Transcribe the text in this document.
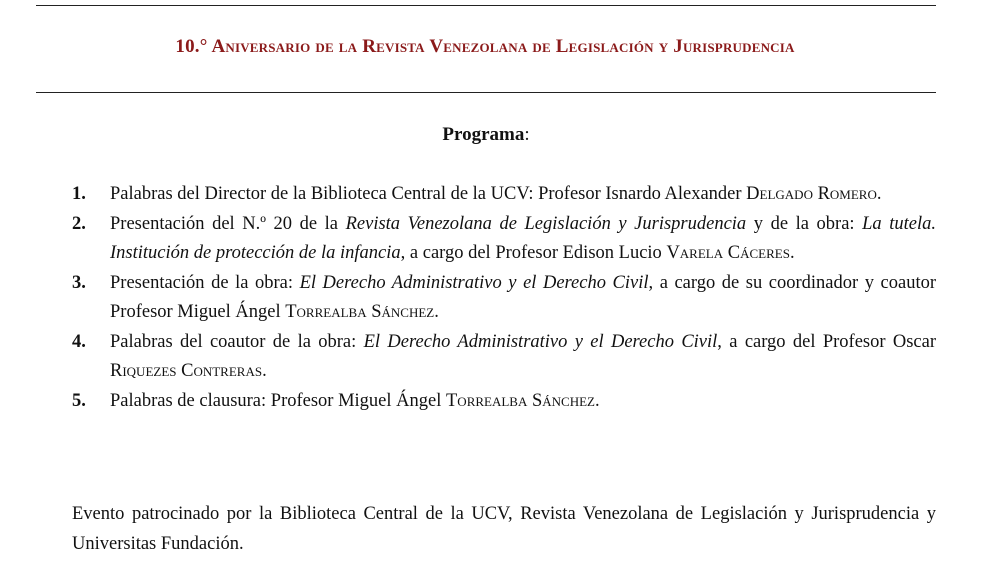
10.° Aniversario de la Revista Venezolana de Legislación y Jurisprudencia
Programa:
1. Palabras del Director de la Biblioteca Central de la UCV: Profesor Isnardo Alexander Delgado Romero.
2. Presentación del N.º 20 de la Revista Venezolana de Legislación y Jurisprudencia y de la obra: La tutela. Institución de protección de la infancia, a cargo del Profesor Edison Lucio Varela Cáceres.
3. Presentación de la obra: El Derecho Administrativo y el Derecho Civil, a cargo de su coordinador y coautor Profesor Miguel Ángel Torrealba Sánchez.
4. Palabras del coautor de la obra: El Derecho Administrativo y el Derecho Civil, a cargo del Profesor Oscar Riquezes Contreras.
5. Palabras de clausura: Profesor Miguel Ángel Torrealba Sánchez.
Evento patrocinado por la Biblioteca Central de la UCV, Revista Venezolana de Legislación y Jurisprudencia y Universitas Fundación.
